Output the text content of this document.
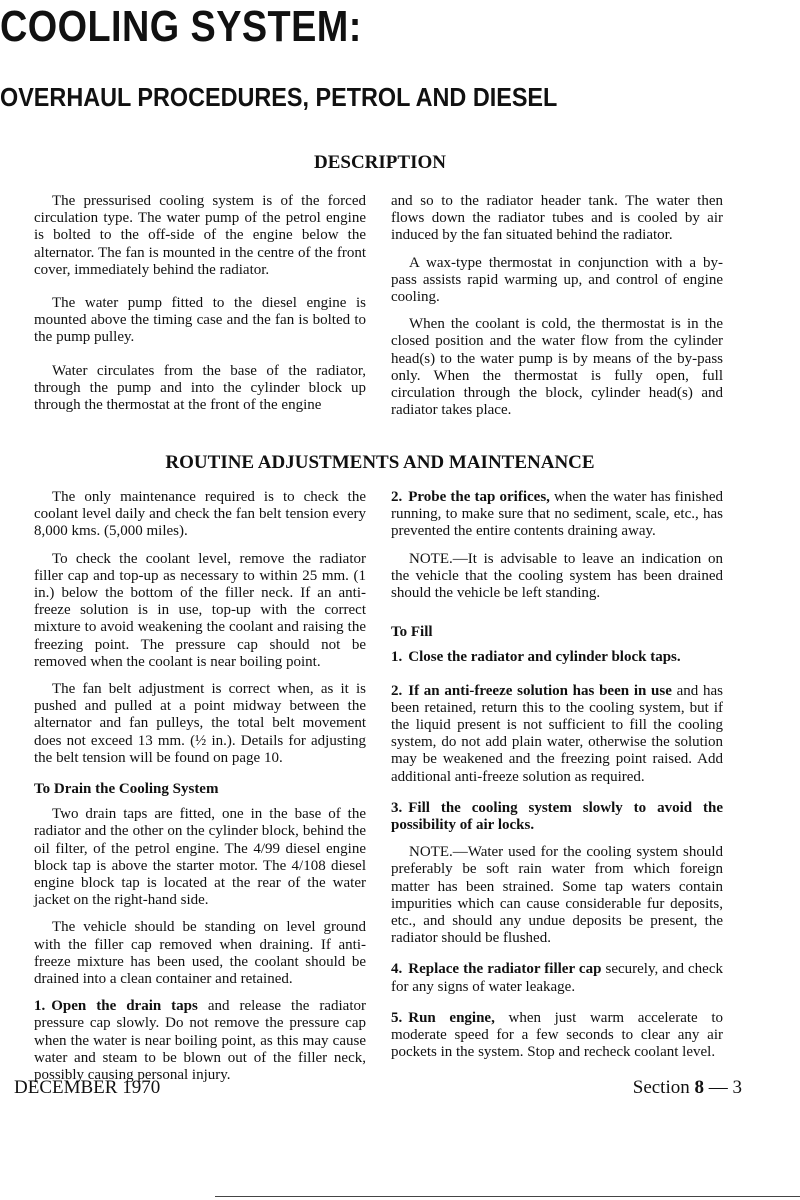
COOLING SYSTEM:
OVERHAUL PROCEDURES, PETROL AND DIESEL
DESCRIPTION

The pressurised cooling system is of the forced circulation type. The water pump of the petrol engine is bolted to the off-side of the engine below the alternator. The fan is mounted in the centre of the front cover, immediately behind the radiator.

The water pump fitted to the diesel engine is mounted above the timing case and the fan is bolted to the pump pulley.

Water circulates from the base of the radiator, through the pump and into the cylinder block up through the thermostat at the front of the engine

and so to the radiator header tank. The water then flows down the radiator tubes and is cooled by air induced by the fan situated behind the radiator.

A wax-type thermostat in conjunction with a by-pass assists rapid warming up, and control of engine cooling.

When the coolant is cold, the thermostat is in the closed position and the water flow from the cylinder head(s) to the water pump is by means of the by-pass only. When the thermostat is fully open, full circulation through the block, cylinder head(s) and radiator takes place.

ROUTINE ADJUSTMENTS AND MAINTENANCE

The only maintenance required is to check the coolant level daily and check the fan belt tension every 8,000 kms. (5,000 miles).

To check the coolant level, remove the radiator filler cap and top-up as necessary to within 25 mm. (1 in.) below the bottom of the filler neck. If an anti-freeze solution is in use, top-up with the correct mixture to avoid weakening the coolant and raising the freezing point. The pressure cap should not be removed when the coolant is near boiling point.

The fan belt adjustment is correct when, as it is pushed and pulled at a point midway between the alternator and fan pulleys, the total belt movement does not exceed 13 mm. (½ in.). Details for adjusting the belt tension will be found on page 10.

To Drain the Cooling System

Two drain taps are fitted, one in the base of the radiator and the other on the cylinder block, behind the oil filter, of the petrol engine. The 4/99 diesel engine block tap is above the starter motor. The 4/108 diesel engine block tap is located at the rear of the water jacket on the right-hand side.

The vehicle should be standing on level ground with the filler cap removed when draining. If anti-freeze mixture has been used, the coolant should be drained into a clean container and retained.

1. Open the drain taps and release the radiator pressure cap slowly. Do not remove the pressure cap when the water is near boiling point, as this may cause water and steam to be blown out of the filler neck, possibly causing personal injury.

2. Probe the tap orifices, when the water has finished running, to make sure that no sediment, scale, etc., has prevented the entire contents draining away.

NOTE.—It is advisable to leave an indication on the vehicle that the cooling system has been drained should the vehicle be left standing.

To Fill

1. Close the radiator and cylinder block taps.

2. If an anti-freeze solution has been in use and has been retained, return this to the cooling system, but if the liquid present is not sufficient to fill the cooling system, do not add plain water, otherwise the solution may be weakened and the freezing point raised. Add additional anti-freeze solution as required.

3. Fill the cooling system slowly to avoid the possibility of air locks.

NOTE.—Water used for the cooling system should preferably be soft rain water from which foreign matter has been strained. Some tap waters contain impurities which can cause considerable fur deposits, etc., and should any undue deposits be present, the radiator should be flushed.

4. Replace the radiator filler cap securely, and check for any signs of water leakage.

5. Run engine, when just warm accelerate to moderate speed for a few seconds to clear any air pockets in the system. Stop and recheck coolant level.

DECEMBER 1970	Section 8 — 3
